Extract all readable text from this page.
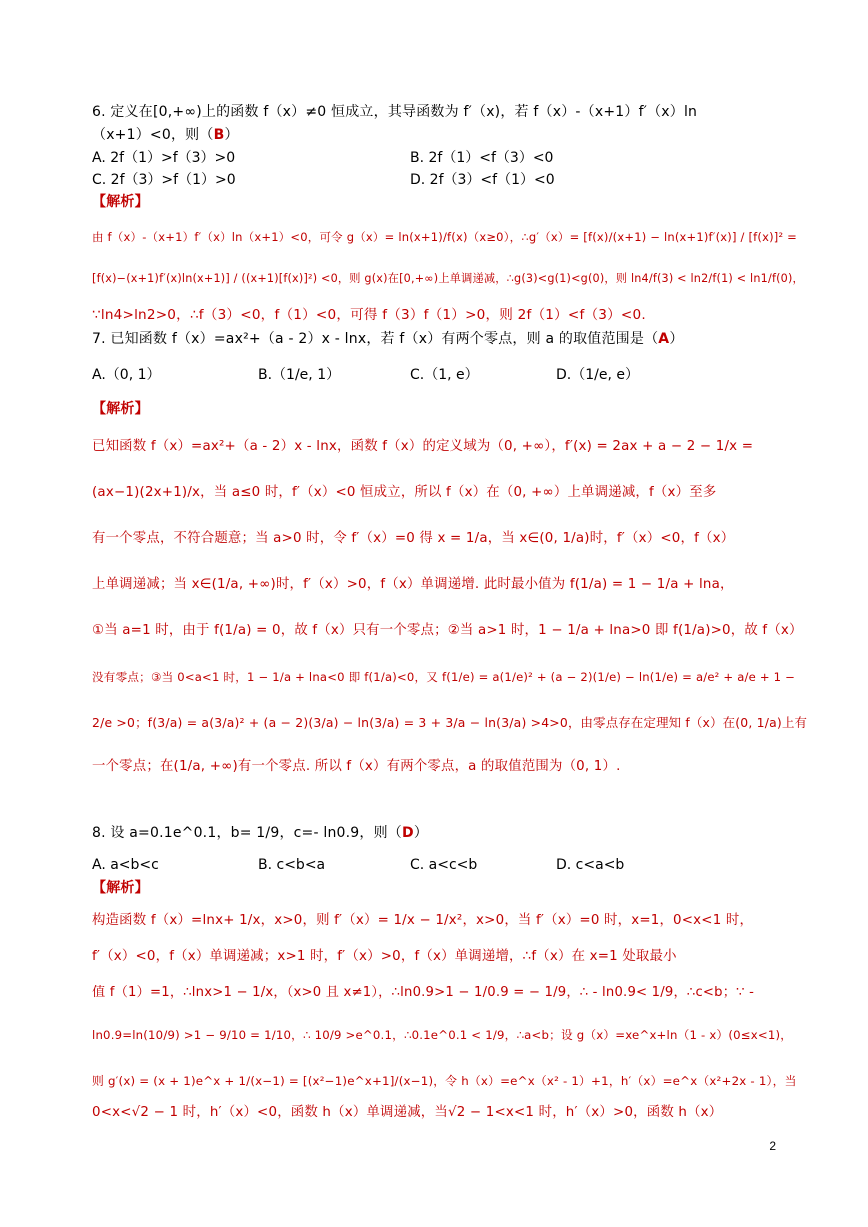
6. 定义在[0,+∞)上的函数 f（x）≠0 恒成立，其导函数为 f′（x)，若 f（x）-（x+1）f′（x）ln
（x+1）<0，则（B）
A. 2f（1）>f（3）>0	B. 2f（1）<f（3）<0
C. 2f（3）>f（1）>0	D. 2f（3）<f（1）<0
【解析】
由 f（x）-（x+1）f′（x）ln（x+1）<0，可令 g（x）= ln(x+1)/f(x)（x≥0），∴g′（x）= [f(x)/(x+1) − ln(x+1)f′(x)] / [f(x)]² =
[f(x)−(x+1)f′(x)ln(x+1)] / ((x+1)[f(x)]²) <0，则 g(x)在[0,+∞)上单调递减，∴g(3)<g(1)<g(0)，则 ln4/f(3) < ln2/f(1) < ln1/f(0)，
∵ln4>ln2>0，∴f（3）<0，f（1）<0，可得 f（3）f（1）>0，则 2f（1）<f（3）<0.
7. 已知函数 f（x）=ax²+（a - 2）x - lnx，若 f（x）有两个零点，则 a 的取值范围是（A）
A.（0, 1）	B.（1/e, 1）	C.（1, e）	D.（1/e, e）
【解析】
已知函数 f（x）=ax²+（a - 2）x - lnx，函数 f（x）的定义域为（0, +∞），f′(x) = 2ax + a − 2 − 1/x =
(ax−1)(2x+1)/x，当 a≤0 时，f′（x）<0 恒成立，所以 f（x）在（0, +∞）上单调递减，f（x）至多
有一个零点，不符合题意；当 a>0 时，令 f′（x）=0 得 x = 1/a，当 x∈(0, 1/a)时，f′（x）<0，f（x）
上单调递减；当 x∈(1/a, +∞)时，f′（x）>0，f（x）单调递增. 此时最小值为 f(1/a) = 1 − 1/a + lna，
①当 a=1 时，由于 f(1/a) = 0，故 f（x）只有一个零点；②当 a>1 时，1 − 1/a + lna>0 即 f(1/a)>0，故 f（x）
没有零点；③当 0<a<1 时，1 − 1/a + lna<0 即 f(1/a)<0，又 f(1/e) = a(1/e)² + (a − 2)(1/e) − ln(1/e) = a/e² + a/e + 1 −
2/e >0；f(3/a) = a(3/a)² + (a − 2)(3/a) − ln(3/a) = 3 + 3/a − ln(3/a) >4>0，由零点存在定理知 f（x）在(0, 1/a)上有
一个零点；在(1/a, +∞)有一个零点. 所以 f（x）有两个零点，a 的取值范围为（0, 1）.
8. 设 a=0.1e^0.1，b= 1/9，c=- ln0.9，则（D）
A. a<b<c	B. c<b<a	C. a<c<b	D. c<a<b
【解析】
构造函数 f（x）=lnx+ 1/x，x>0，则 f′（x）= 1/x − 1/x²，x>0，当 f′（x）=0 时，x=1，0<x<1 时，
f′（x）<0，f（x）单调递减；x>1 时，f′（x）>0，f（x）单调递增，∴f（x）在 x=1 处取最小
值 f（1）=1，∴lnx>1 − 1/x，（x>0 且 x≠1），∴ln0.9>1 − 1/0.9 = − 1/9，∴ - ln0.9< 1/9，∴c<b；∵ -
ln0.9=ln(10/9) >1 − 9/10 = 1/10，∴ 10/9 >e^0.1，∴0.1e^0.1 < 1/9，∴a<b；设 g（x）=xe^x+ln（1 - x）(0≤x<1)，
则 g′(x) = (x + 1)e^x + 1/(x−1) = [(x²−1)e^x+1]/(x−1)，令 h（x）=e^x（x² - 1）+1，h′（x）=e^x（x²+2x - 1），当
0<x<√2 − 1 时，h′（x）<0，函数 h（x）单调递减，当√2 − 1<x<1 时，h′（x）>0，函数 h（x）
2
